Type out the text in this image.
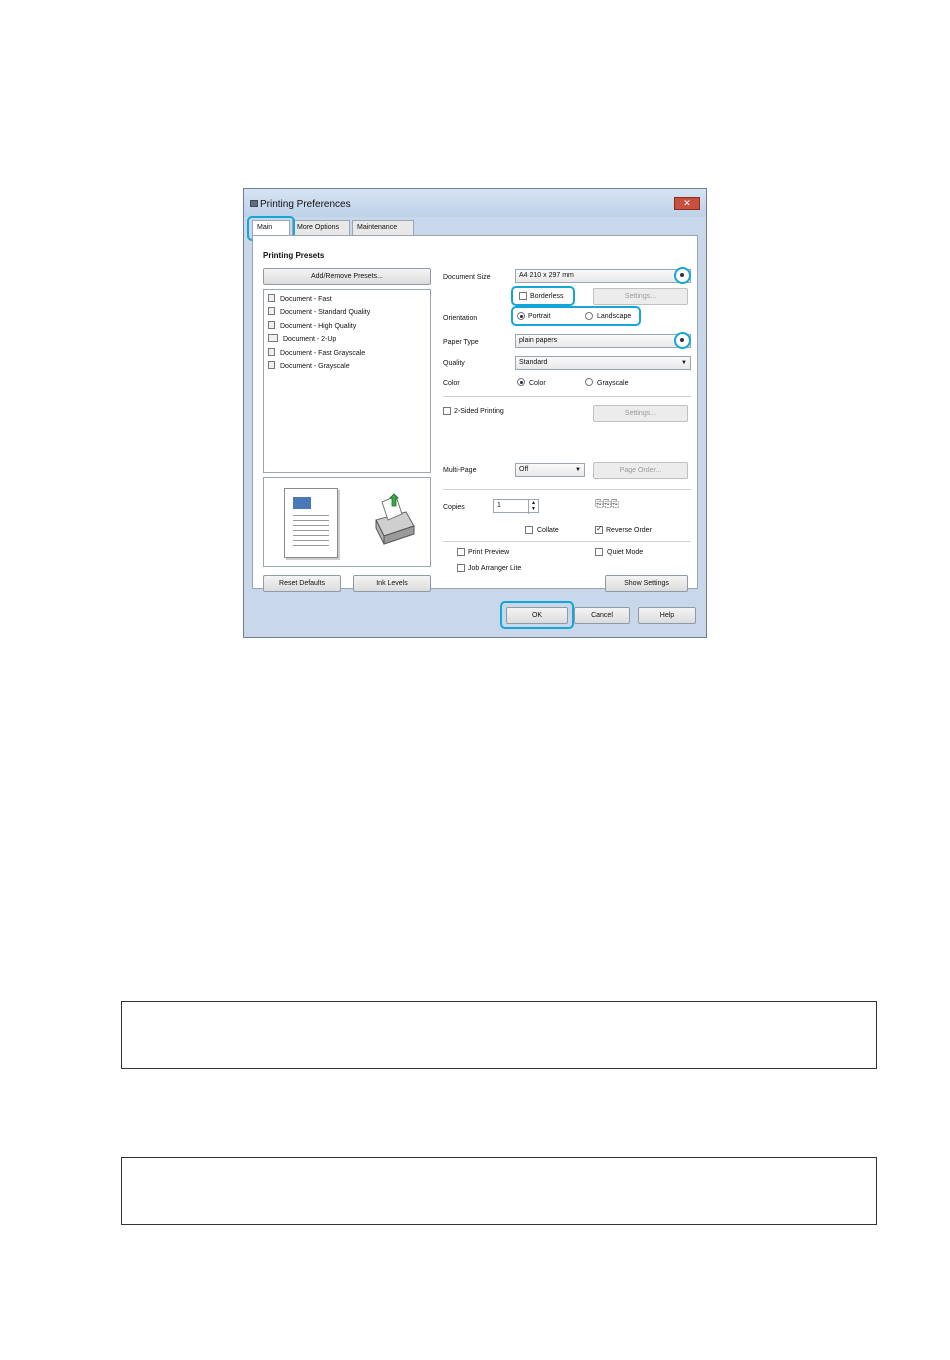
Printing Preferences	✕
Main	More Options	Maintenance
Printing Presets
Add/Remove Presets...
Document - Fast
Document - Standard Quality
Document - High Quality
Document - 2-Up
Document - Fast Grayscale
Document - Grayscale
Reset Defaults	Ink Levels
Document Size	A4 210 x 297 mm
Borderless	Settings...
Orientation	Portrait	Landscape
Paper Type	plain papers
Quality	Standard	▼
Color	Color	Grayscale
2-Sided Printing	Settings...
Multi-Page	Off	▼	Page Order...
Copies	1	▲
▼	⎘⎘⎘
Collate
✓	Reverse Order
Print Preview	Quiet Mode
Job Arranger Lite
Show Settings
OK	Cancel	Help
